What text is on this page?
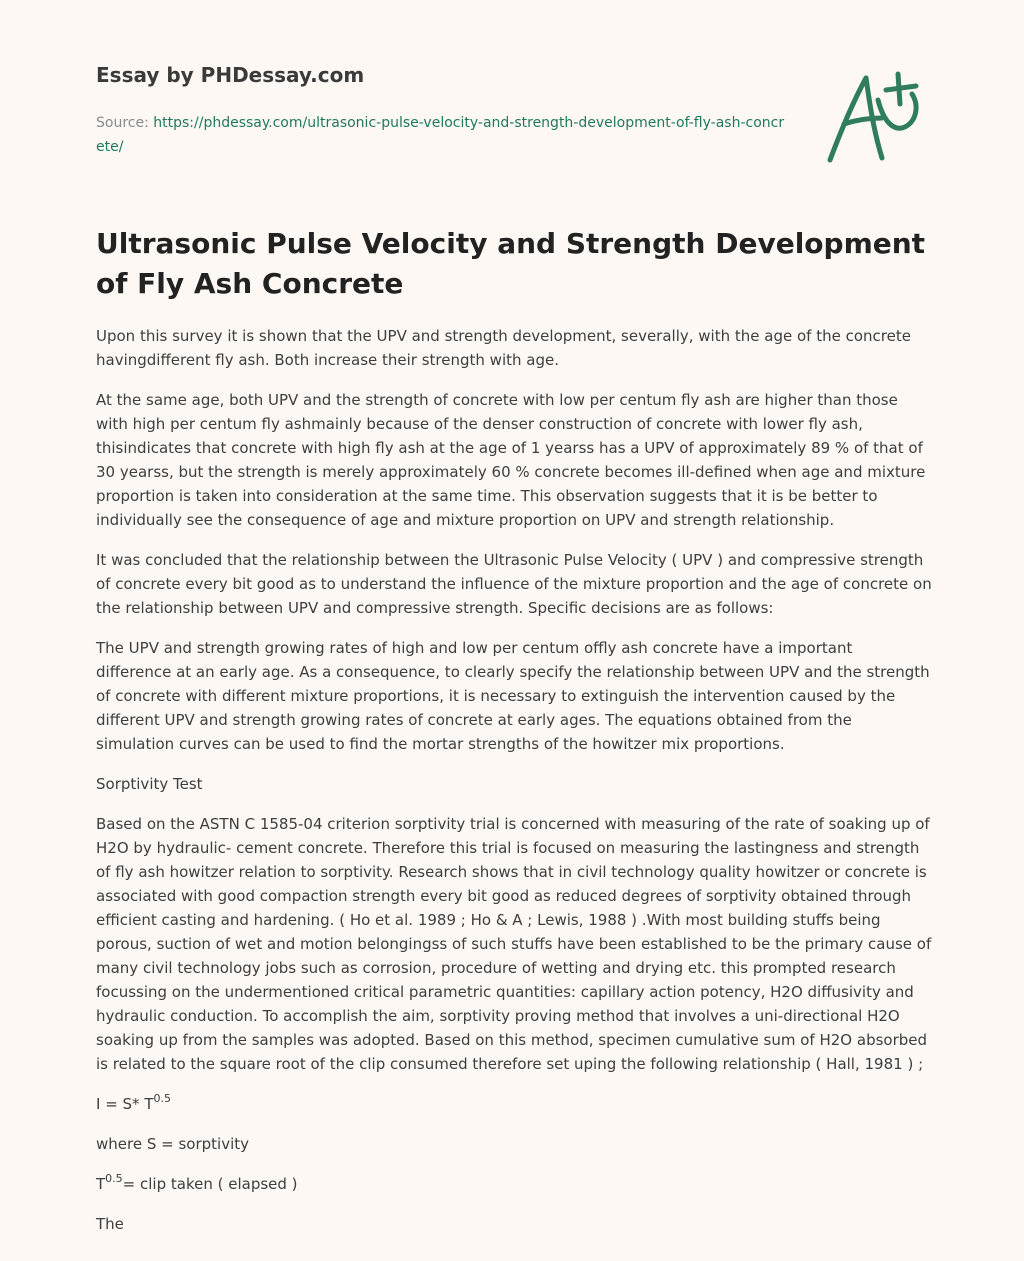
Essay by PHDessay.com
Source: https://phdessay.com/ultrasonic-pulse-velocity-and-strength-development-of-fly-ash-concrete/
Ultrasonic Pulse Velocity and Strength Development of Fly Ash Concrete

Upon this survey it is shown that the UPV and strength development, severally, with the age of the concrete havingdifferent fly ash. Both increase their strength with age.

At the same age, both UPV and the strength of concrete with low per centum fly ash are higher than those with high per centum fly ashmainly because of the denser construction of concrete with lower fly ash, thisindicates that concrete with high fly ash at the age of 1 yearss has a UPV of approximately 89 % of that of 30 yearss, but the strength is merely approximately 60 % concrete becomes ill-defined when age and mixture proportion is taken into consideration at the same time. This observation suggests that it is be better to individually see the consequence of age and mixture proportion on UPV and strength relationship.

It was concluded that the relationship between the Ultrasonic Pulse Velocity ( UPV ) and compressive strength of concrete every bit good as to understand the influence of the mixture proportion and the age of concrete on the relationship between UPV and compressive strength. Specific decisions are as follows:

The UPV and strength growing rates of high and low per centum offly ash concrete have a important difference at an early age. As a consequence, to clearly specify the relationship between UPV and the strength of concrete with different mixture proportions, it is necessary to extinguish the intervention caused by the different UPV and strength growing rates of concrete at early ages. The equations obtained from the simulation curves can be used to find the mortar strengths of the howitzer mix proportions.

Sorptivity Test

Based on the ASTN C 1585-04 criterion sorptivity trial is concerned with measuring of the rate of soaking up of H2O by hydraulic- cement concrete. Therefore this trial is focused on measuring the lastingness and strength of fly ash howitzer relation to sorptivity. Research shows that in civil technology quality howitzer or concrete is associated with good compaction strength every bit good as reduced degrees of sorptivity obtained through efficient casting and hardening. ( Ho et al. 1989 ; Ho & A ; Lewis, 1988 ) .With most building stuffs being porous, suction of wet and motion belongingss of such stuffs have been established to be the primary cause of many civil technology jobs such as corrosion, procedure of wetting and drying etc. this prompted research focussing on the undermentioned critical parametric quantities: capillary action potency, H2O diffusivity and hydraulic conduction. To accomplish the aim, sorptivity proving method that involves a uni-directional H2O soaking up from the samples was adopted. Based on this method, specimen cumulative sum of H2O absorbed is related to the square root of the clip consumed therefore set uping the following relationship ( Hall, 1981 ) ;

I = S* $T^{0.5}$

where S = sorptivity

$T^{0.5}=$ clip taken ( elapsed )

The
